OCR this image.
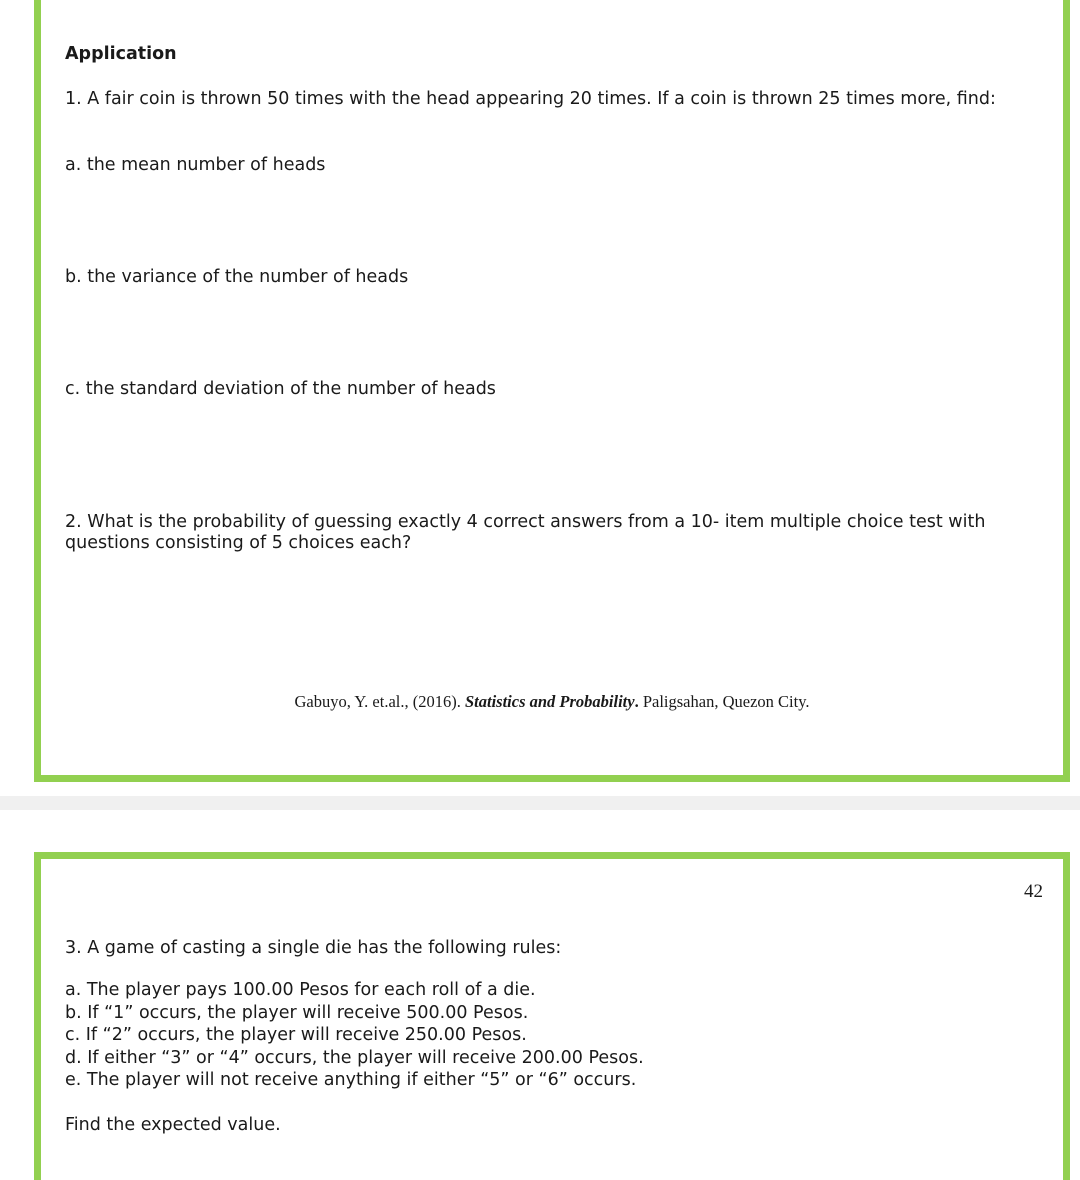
Application

1. A fair coin is thrown 50 times with the head appearing 20 times. If a coin is thrown 25 times more, find:

a. the mean number of heads

b. the variance of the number of heads

c. the standard deviation of the number of heads

2. What is the probability of guessing exactly 4 correct answers from a 10- item multiple choice test with questions consisting of 5 choices each?

Gabuyo, Y. et.al., (2016). Statistics and Probability. Paligsahan, Quezon City.

42

3. A game of casting a single die has the following rules:

a. The player pays 100.00 Pesos for each roll of a die.
b. If “1” occurs, the player will receive 500.00 Pesos.
c. If “2” occurs, the player will receive 250.00 Pesos.
d. If either “3” or “4” occurs, the player will receive 200.00 Pesos.
e. The player will not receive anything if either “5” or “6” occurs.

Find the expected value.
